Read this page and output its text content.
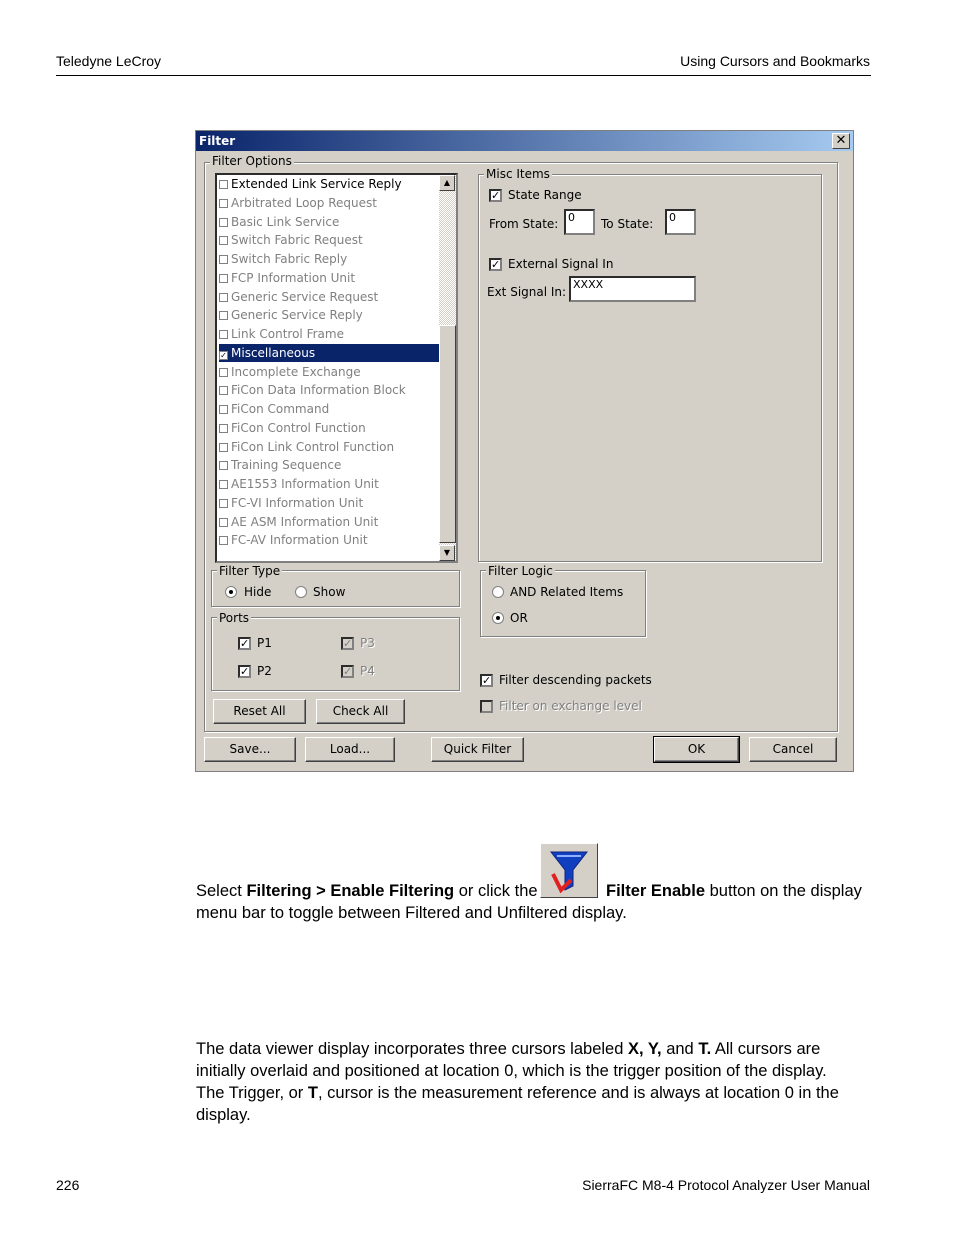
Teledyne LeCroy	Using Cursors and Bookmarks
Filter	✕
Filter Options
Extended Link Service Reply
Arbitrated Loop Request
Basic Link Service
Switch Fabric Request
Switch Fabric Reply
FCP Information Unit
Generic Service Request
Generic Service Reply
Link Control Frame
✓ Miscellaneous
Incomplete Exchange
FiCon Data Information Block
FiCon Command
FiCon Control Function
FiCon Link Control Function
Training Sequence
AE1553 Information Unit
FC-VI Information Unit
AE ASM Information Unit
FC-AV Information Unit
▲
▼
Misc Items
✓ State Range
From State: 0	To State:	0
✓ External Signal In
Ext Signal In:
XXXX
Filter Type
Hide	Show
Ports
✓ P1	✓ P3
✓ P2	✓ P4
Filter Logic
AND Related Items
OR
✓ Filter descending packets
Filter on exchange level
Reset All	Check All
Save...	Load...	Quick Filter	OK	Cancel
Select Filtering > Enable Filtering or click the	Filter Enable button on the display
menu bar to toggle between Filtered and Unfiltered display.
The data viewer display incorporates three cursors labeled X, Y, and T. All cursors are
initially overlaid and positioned at location 0, which is the trigger position of the display.
The Trigger, or T, cursor is the measurement reference and is always at location 0 in the
display.
226	SierraFC M8-4 Protocol Analyzer User Manual
